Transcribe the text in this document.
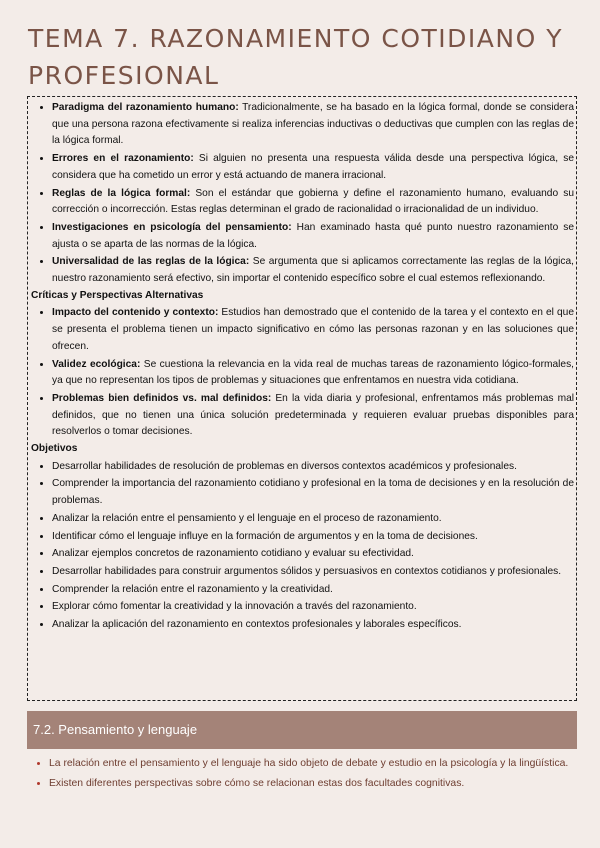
TEMA 7. RAZONAMIENTO COTIDIANO Y PROFESIONAL
• Paradigma del razonamiento humano: Tradicionalmente, se ha basado en la lógica formal, donde se considera que una persona razona efectivamente si realiza inferencias inductivas o deductivas que cumplen con las reglas de la lógica formal.
• Errores en el razonamiento: Si alguien no presenta una respuesta válida desde una perspectiva lógica, se considera que ha cometido un error y está actuando de manera irracional.
• Reglas de la lógica formal: Son el estándar que gobierna y define el razonamiento humano, evaluando su corrección o incorrección. Estas reglas determinan el grado de racionalidad o irracionalidad de un individuo.
• Investigaciones en psicología del pensamiento: Han examinado hasta qué punto nuestro razonamiento se ajusta o se aparta de las normas de la lógica.
• Universalidad de las reglas de la lógica: Se argumenta que si aplicamos correctamente las reglas de la lógica, nuestro razonamiento será efectivo, sin importar el contenido específico sobre el cual estemos reflexionando.

Críticas y Perspectivas Alternativas

• Impacto del contenido y contexto: Estudios han demostrado que el contenido de la tarea y el contexto en el que se presenta el problema tienen un impacto significativo en cómo las personas razonan y en las soluciones que ofrecen.
• Validez ecológica: Se cuestiona la relevancia en la vida real de muchas tareas de razonamiento lógico-formales, ya que no representan los tipos de problemas y situaciones que enfrentamos en nuestra vida cotidiana.
• Problemas bien definidos vs. mal definidos: En la vida diaria y profesional, enfrentamos más problemas mal definidos, que no tienen una única solución predeterminada y requieren evaluar pruebas disponibles para resolverlos o tomar decisiones.

Objetivos

• Desarrollar habilidades de resolución de problemas en diversos contextos académicos y profesionales.
• Comprender la importancia del razonamiento cotidiano y profesional en la toma de decisiones y en la resolución de problemas.
• Analizar la relación entre el pensamiento y el lenguaje en el proceso de razonamiento.
• Identificar cómo el lenguaje influye en la formación de argumentos y en la toma de decisiones.
• Analizar ejemplos concretos de razonamiento cotidiano y evaluar su efectividad.
• Desarrollar habilidades para construir argumentos sólidos y persuasivos en contextos cotidianos y profesionales.
• Comprender la relación entre el razonamiento y la creatividad.
• Explorar cómo fomentar la creatividad y la innovación a través del razonamiento.
• Analizar la aplicación del razonamiento en contextos profesionales y laborales específicos.
7.2. Pensamiento y lenguaje
• La relación entre el pensamiento y el lenguaje ha sido objeto de debate y estudio en la psicología y la lingüística.
• Existen diferentes perspectivas sobre cómo se relacionan estas dos facultades cognitivas.
